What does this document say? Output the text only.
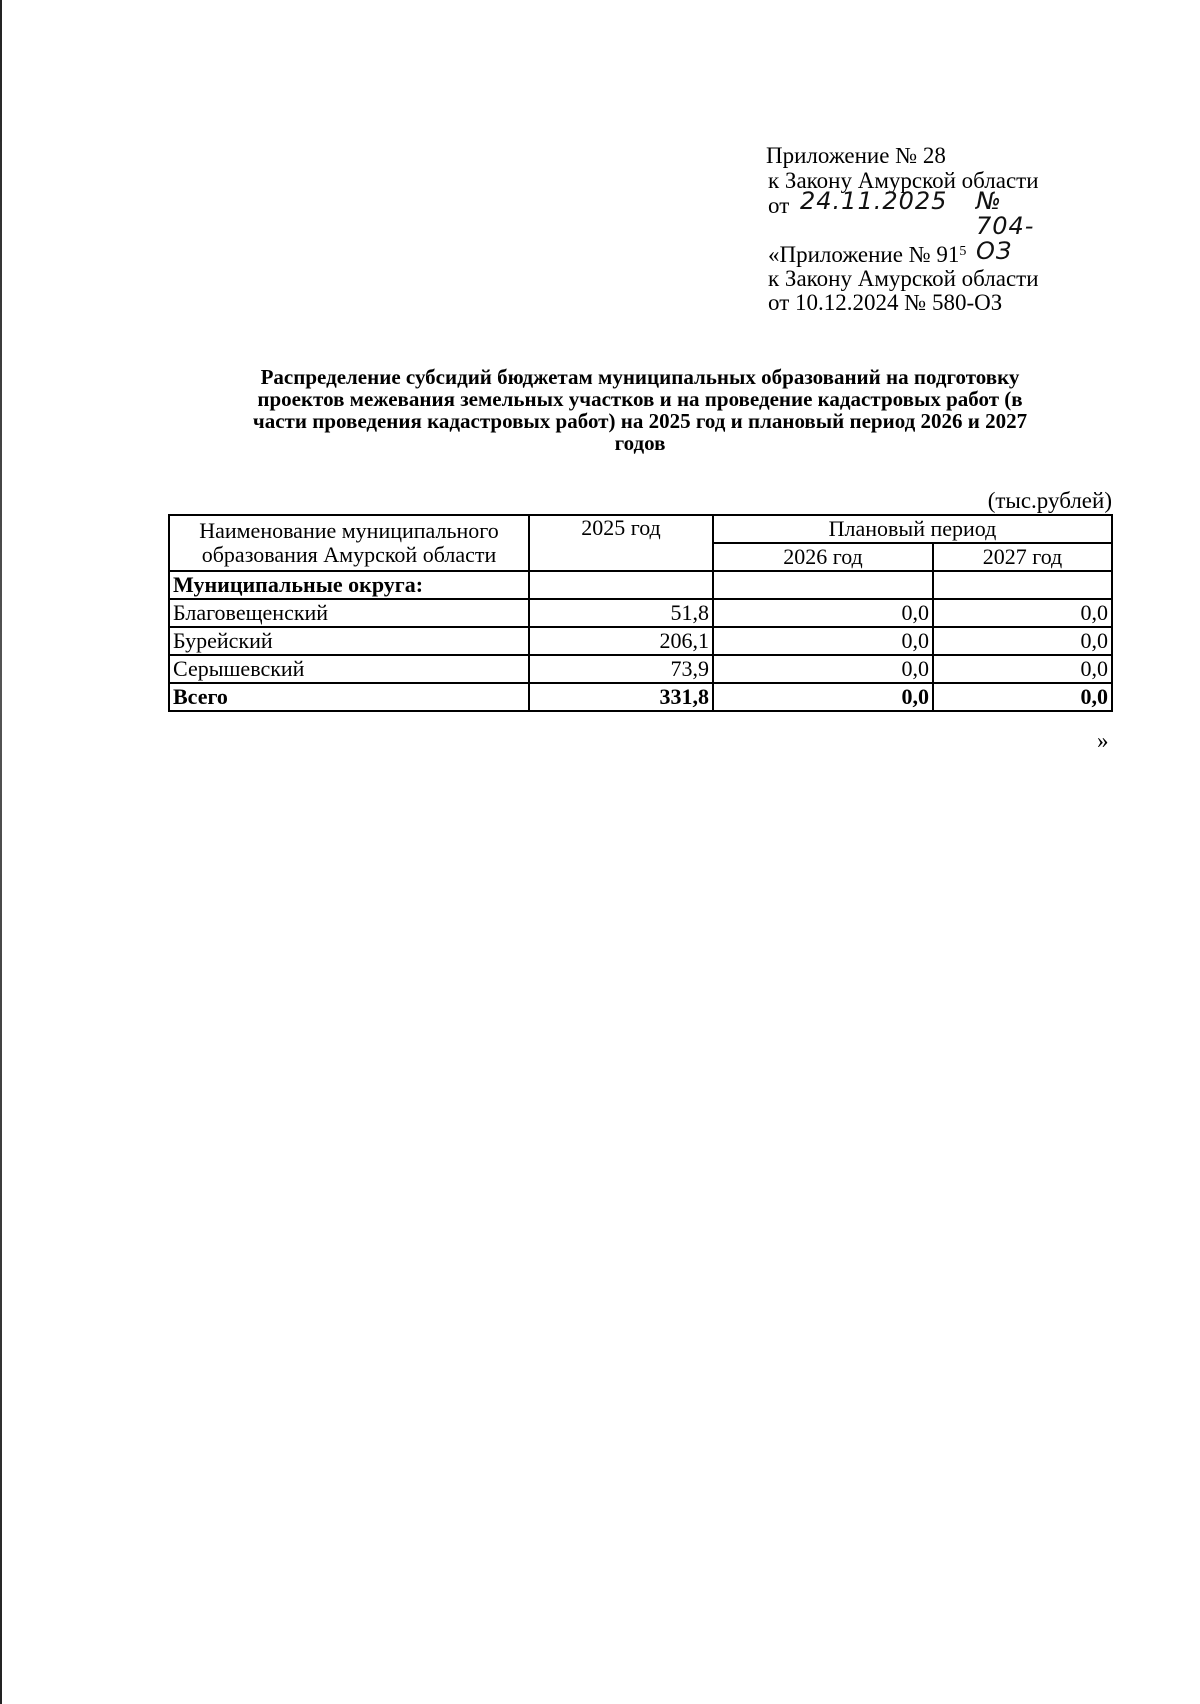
Приложение № 28
к Закону Амурской области
от 24.11.2025 № 704-ОЗ
«Приложение № $91^5$
к Закону Амурской области
от 10.12.2024 № 580-ОЗ
Распределение субсидий бюджетам муниципальных образований на подготовку
проектов межевания земельных участков и на проведение кадастровых работ (в
части проведения кадастровых работ) на 2025 год и плановый период 2026 и 2027
годов
(тыс.рублей)
Наименование муниципального
образования Амурской области	2025 год	Плановый период	
		2026 год	2027 год
Муниципальные округа:			
Благовещенский	51,8	0,0	0,0
Бурейский	206,1	0,0	0,0
Серышевский	73,9	0,0	0,0
Всего	331,8	0,0	0,0
»
